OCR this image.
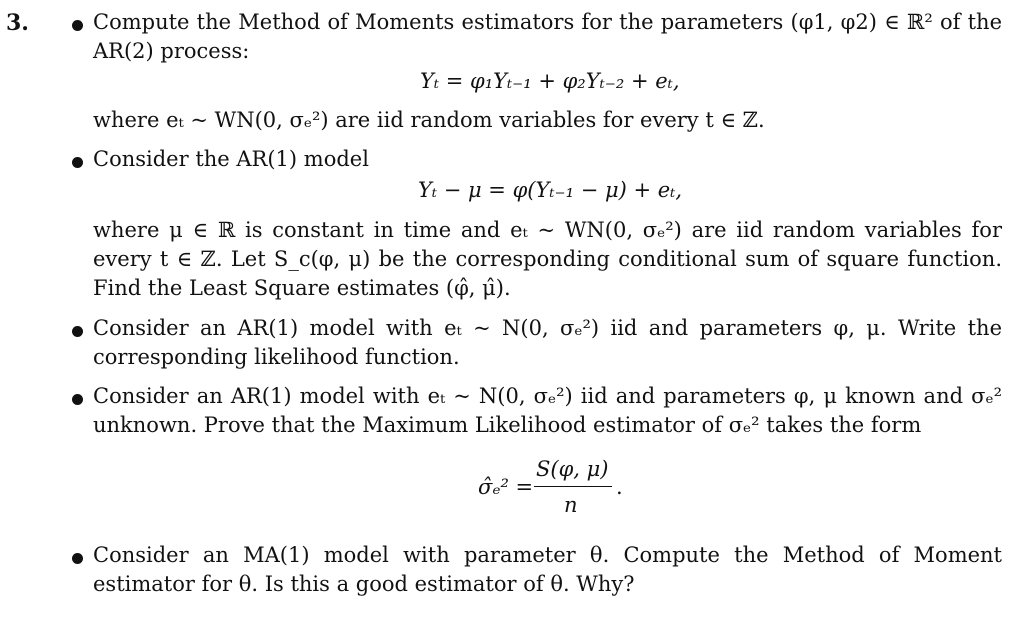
3.	Compute the Method of Moments estimators for the parameters (φ1, φ2) ∈ ℝ² of the AR(2) process:
Yₜ = φ₁Yₜ₋₁ + φ₂Yₜ₋₂ + eₜ,
where eₜ ~ WN(0, σₑ²) are iid random variables for every t ∈ ℤ.
Consider the AR(1) model
Yₜ − μ = φ(Yₜ₋₁ − μ) + eₜ,
where μ ∈ ℝ is constant in time and eₜ ~ WN(0, σₑ²) are iid random variables for every t ∈ ℤ. Let S_c(φ, μ) be the corresponding conditional sum of square function. Find the Least Square estimates (φ̂, μ̂).
Consider an AR(1) model with eₜ ~ N(0, σₑ²) iid and parameters φ, μ. Write the corresponding likelihood function.
Consider an AR(1) model with eₜ ~ N(0, σₑ²) iid and parameters φ, μ known and σₑ² unknown. Prove that the Maximum Likelihood estimator of σₑ² takes the form
σ̂ₑ² =
S(φ, μ)
n
.
Consider an MA(1) model with parameter θ. Compute the Method of Moment estimator for θ. Is this a good estimator of θ. Why?
